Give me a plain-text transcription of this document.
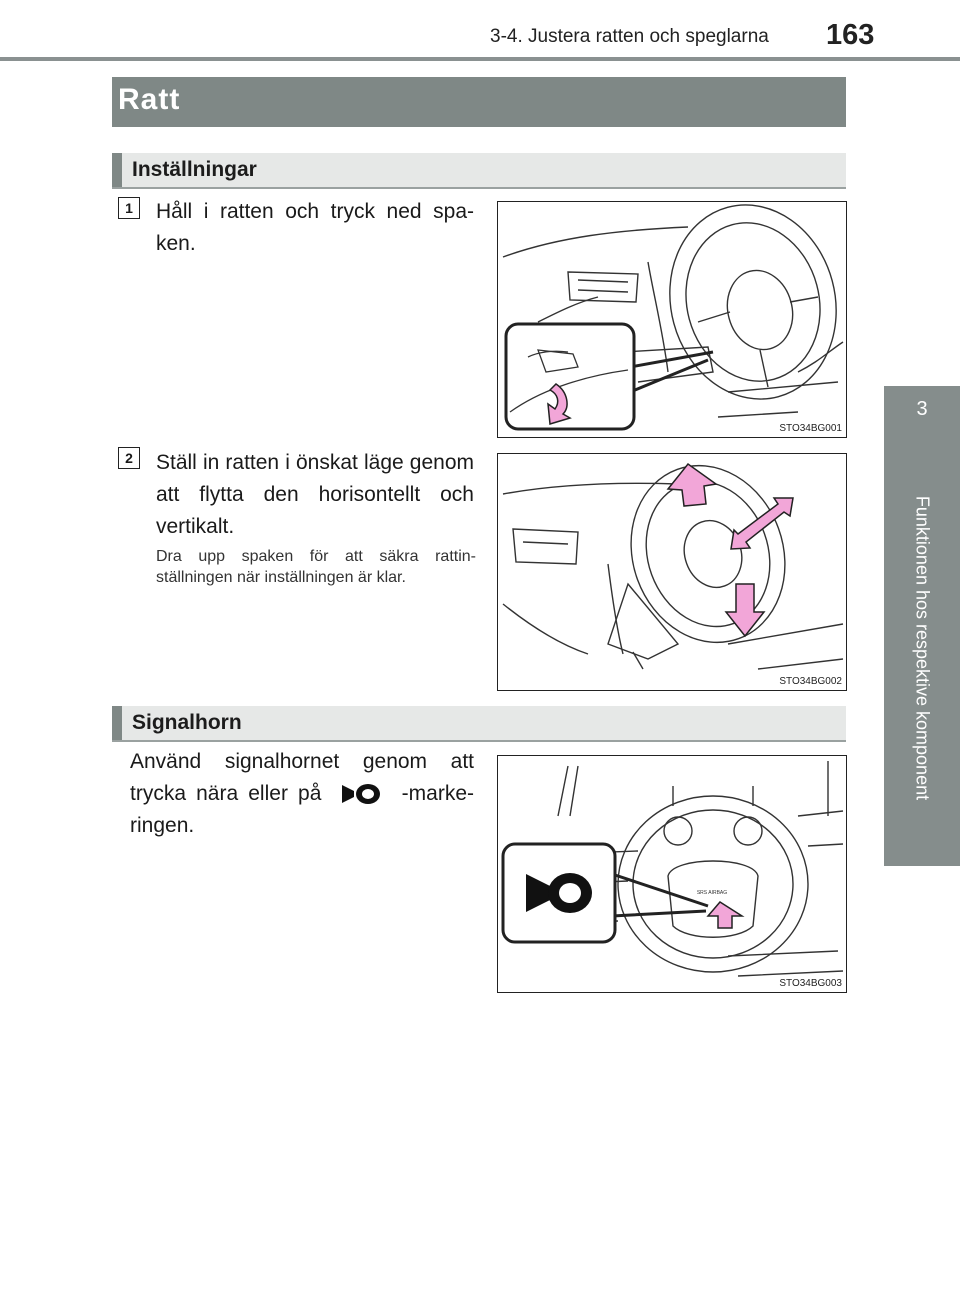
3-4. Justera ratten och speglarna 163
3
Funktionen hos respektive komponent
Ratt
Inställningar
1	Håll i ratten och tryck ned spa-ken.
STO34BG001
2	Ställ in ratten i önskat läge genom att flytta den horisontellt och vertikalt.
Dra upp spaken för att säkra rattin-ställningen när inställningen är klar.
STO34BG002
Signalhorn
Använd signalhornet genom att trycka nära eller på	-marke-ringen.
SRS AIRBAG
STO34BG003
